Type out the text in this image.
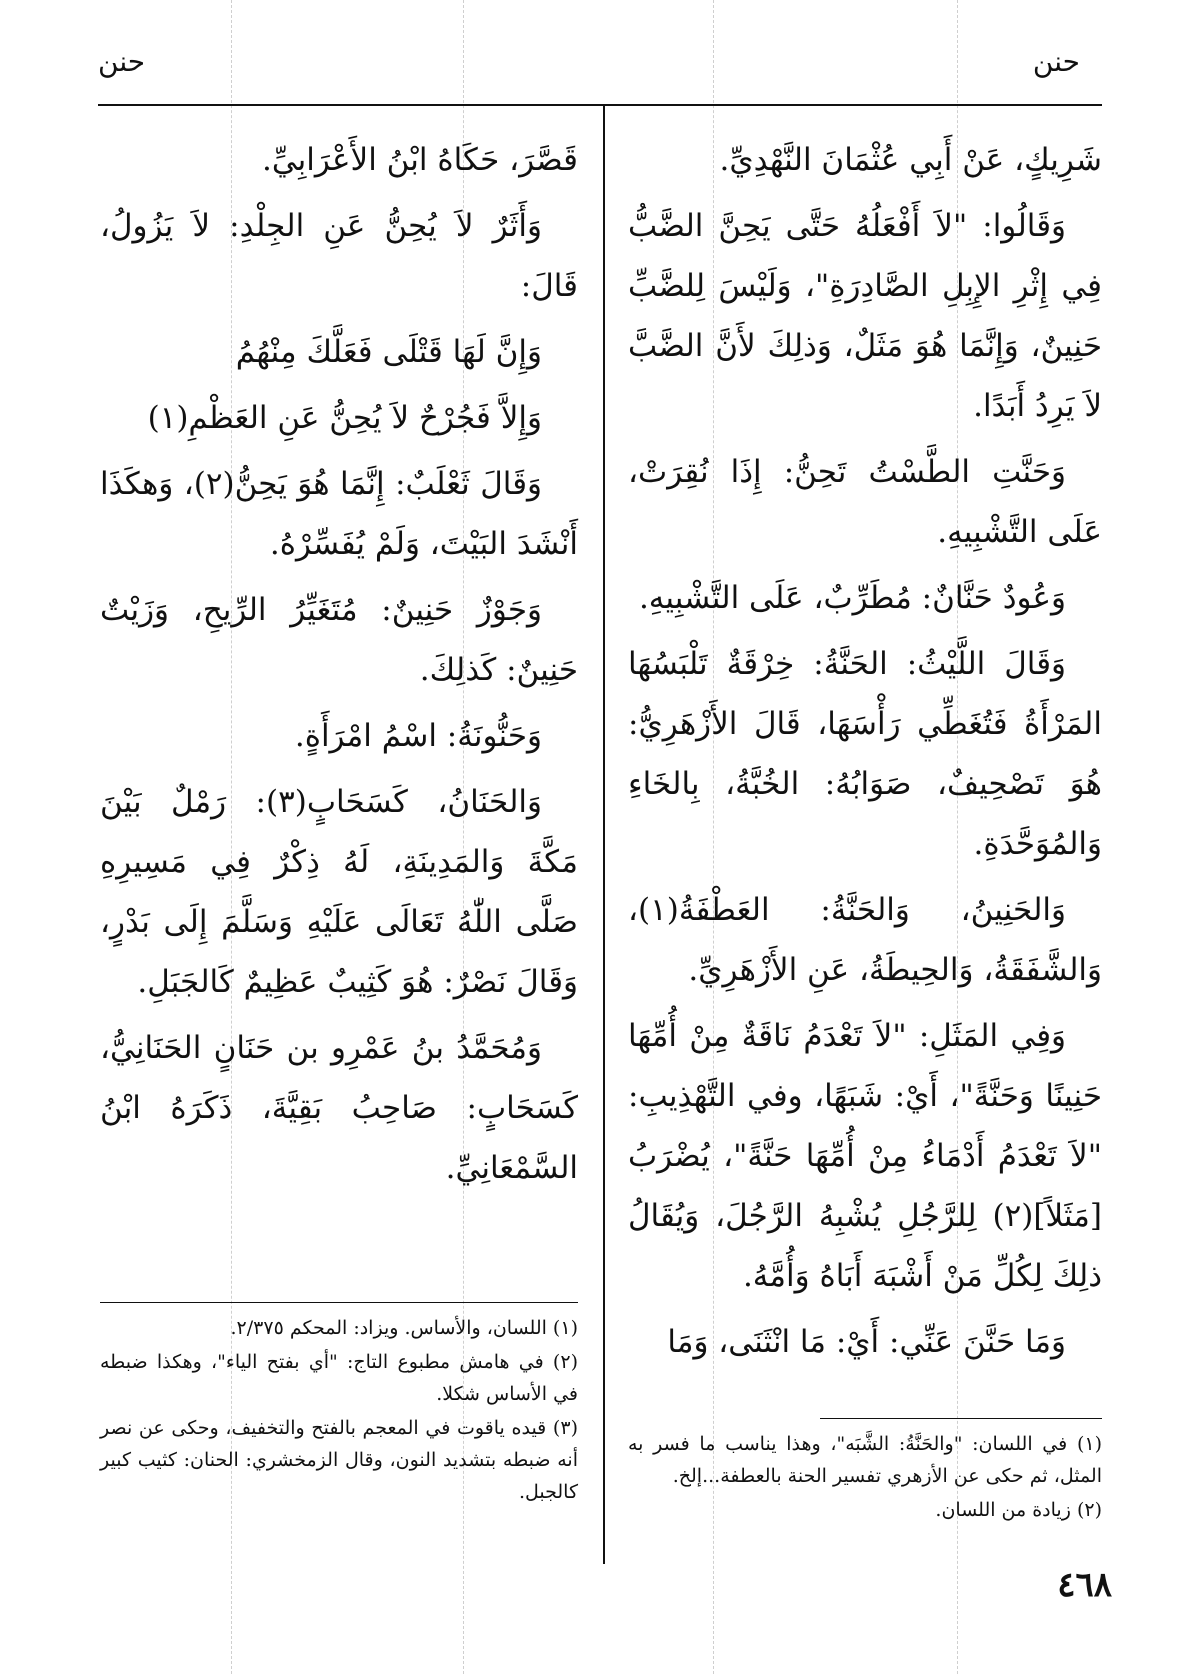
حنن
حنن

شَرِيكٍ، عَنْ أَبِي عُثْمَانَ النَّهْدِيِّ.

وَقَالُوا: "لاَ أَفْعَلُهُ حَتَّى يَحِنَّ الضَّبُّ فِي إِثْرِ الإِبِلِ الصَّادِرَةِ"، وَلَيْسَ لِلضَّبِّ حَنِينٌ، وَإِنَّمَا هُوَ مَثَلٌ، وَذلِكَ لأَنَّ الضَّبَّ لاَ يَرِدُ أَبَدًا.

وَحَنَّتِ الطَّسْتُ تَحِنُّ: إِذَا نُقِرَتْ، عَلَى التَّشْبِيهِ.

وَعُودٌ حَنَّانٌ: مُطَرِّبٌ، عَلَى التَّشْبِيهِ.

وَقَالَ اللَّيْثُ: الحَنَّةُ: خِرْقَةٌ تَلْبَسُهَا المَرْأَةُ فَتُغَطِّي رَأْسَهَا، قَالَ الأَزْهَرِيُّ: هُوَ تَصْحِيفٌ، صَوَابُهُ: الخُبَّةُ، بِالخَاءِ وَالمُوَحَّدَةِ.

وَالحَنِينُ، وَالحَنَّةُ: العَطْفَةُ(١)، وَالشَّفَقَةُ، وَالحِيطَةُ، عَنِ الأَزْهَرِيِّ.

وَفِي المَثَلِ: "لاَ تَعْدَمُ نَاقَةٌ مِنْ أُمِّهَا حَنِينًا وَحَنَّةً"، أَيْ: شَبَهًا، وفي التَّهْذِيبِ: "لاَ تَعْدَمُ أَدْمَاءُ مِنْ أُمِّهَا حَنَّةً"، يُضْرَبُ [مَثَلاً](٢) لِلرَّجُلِ يُشْبِهُ الرَّجُلَ، وَيُقَالُ ذلِكَ لِكُلِّ مَنْ أَشْبَهَ أَبَاهُ وَأُمَّهُ.

وَمَا حَنَّنَ عَنِّي: أَيْ: مَا انْثَنَى، وَمَا

(١) في اللسان: "والحَنَّةُ: الشَّبَه"، وهذا يناسب ما فسر به المثل، ثم حكى عن الأزهري تفسير الحنة بالعطفة...إلخ.

(٢) زيادة من اللسان.

قَصَّرَ، حَكَاهُ ابْنُ الأَعْرَابِيِّ.

وَأَثَرٌ لاَ يُحِنُّ عَنِ الجِلْدِ: لاَ يَزُولُ، قَالَ:

وَإِنَّ لَهَا قَتْلَى فَعَلَّكَ مِنْهُمُ

وَإِلاَّ فَجُرْحٌ لاَ يُحِنُّ عَنِ العَظْمِ(١)

وَقَالَ ثَعْلَبٌ: إِنَّمَا هُوَ يَحِنُّ(٢)، وَهكَذَا أَنْشَدَ البَيْتَ، وَلَمْ يُفَسِّرْهُ.

وَجَوْزٌ حَنِينٌ: مُتَغَيِّرُ الرِّيحِ، وَزَيْتٌ حَنِينٌ: كَذلِكَ.

وَحَنُّونَةُ: اسْمُ امْرَأَةٍ.

وَالحَنَانُ، كَسَحَابٍ(٣): رَمْلٌ بَيْنَ مَكَّةَ وَالمَدِينَةِ، لَهُ ذِكْرٌ فِي مَسِيرِهِ صَلَّى اللّٰهُ تَعَالَى عَلَيْهِ وَسَلَّمَ إِلَى بَدْرٍ، وَقَالَ نَصْرٌ: هُوَ كَثِيبٌ عَظِيمٌ كَالجَبَلِ.

وَمُحَمَّدُ بنُ عَمْرِو بن حَنَانٍ الحَنَانِيُّ، كَسَحَابٍ: صَاحِبُ بَقِيَّةَ، ذَكَرَهُ ابْنُ السَّمْعَانِيِّ.

(١) اللسان، والأساس. ويزاد: المحكم ٢/٣٧٥.

(٢) في هامش مطبوع التاج: "أي بفتح الياء"، وهكذا ضبطه في الأساس شكلا.

(٣) قيده ياقوت في المعجم بالفتح والتخفيف، وحكى عن نصر أنه ضبطه بتشديد النون، وقال الزمخشري: الحنان: كثيب كبير كالجبل.

٤٦٨
